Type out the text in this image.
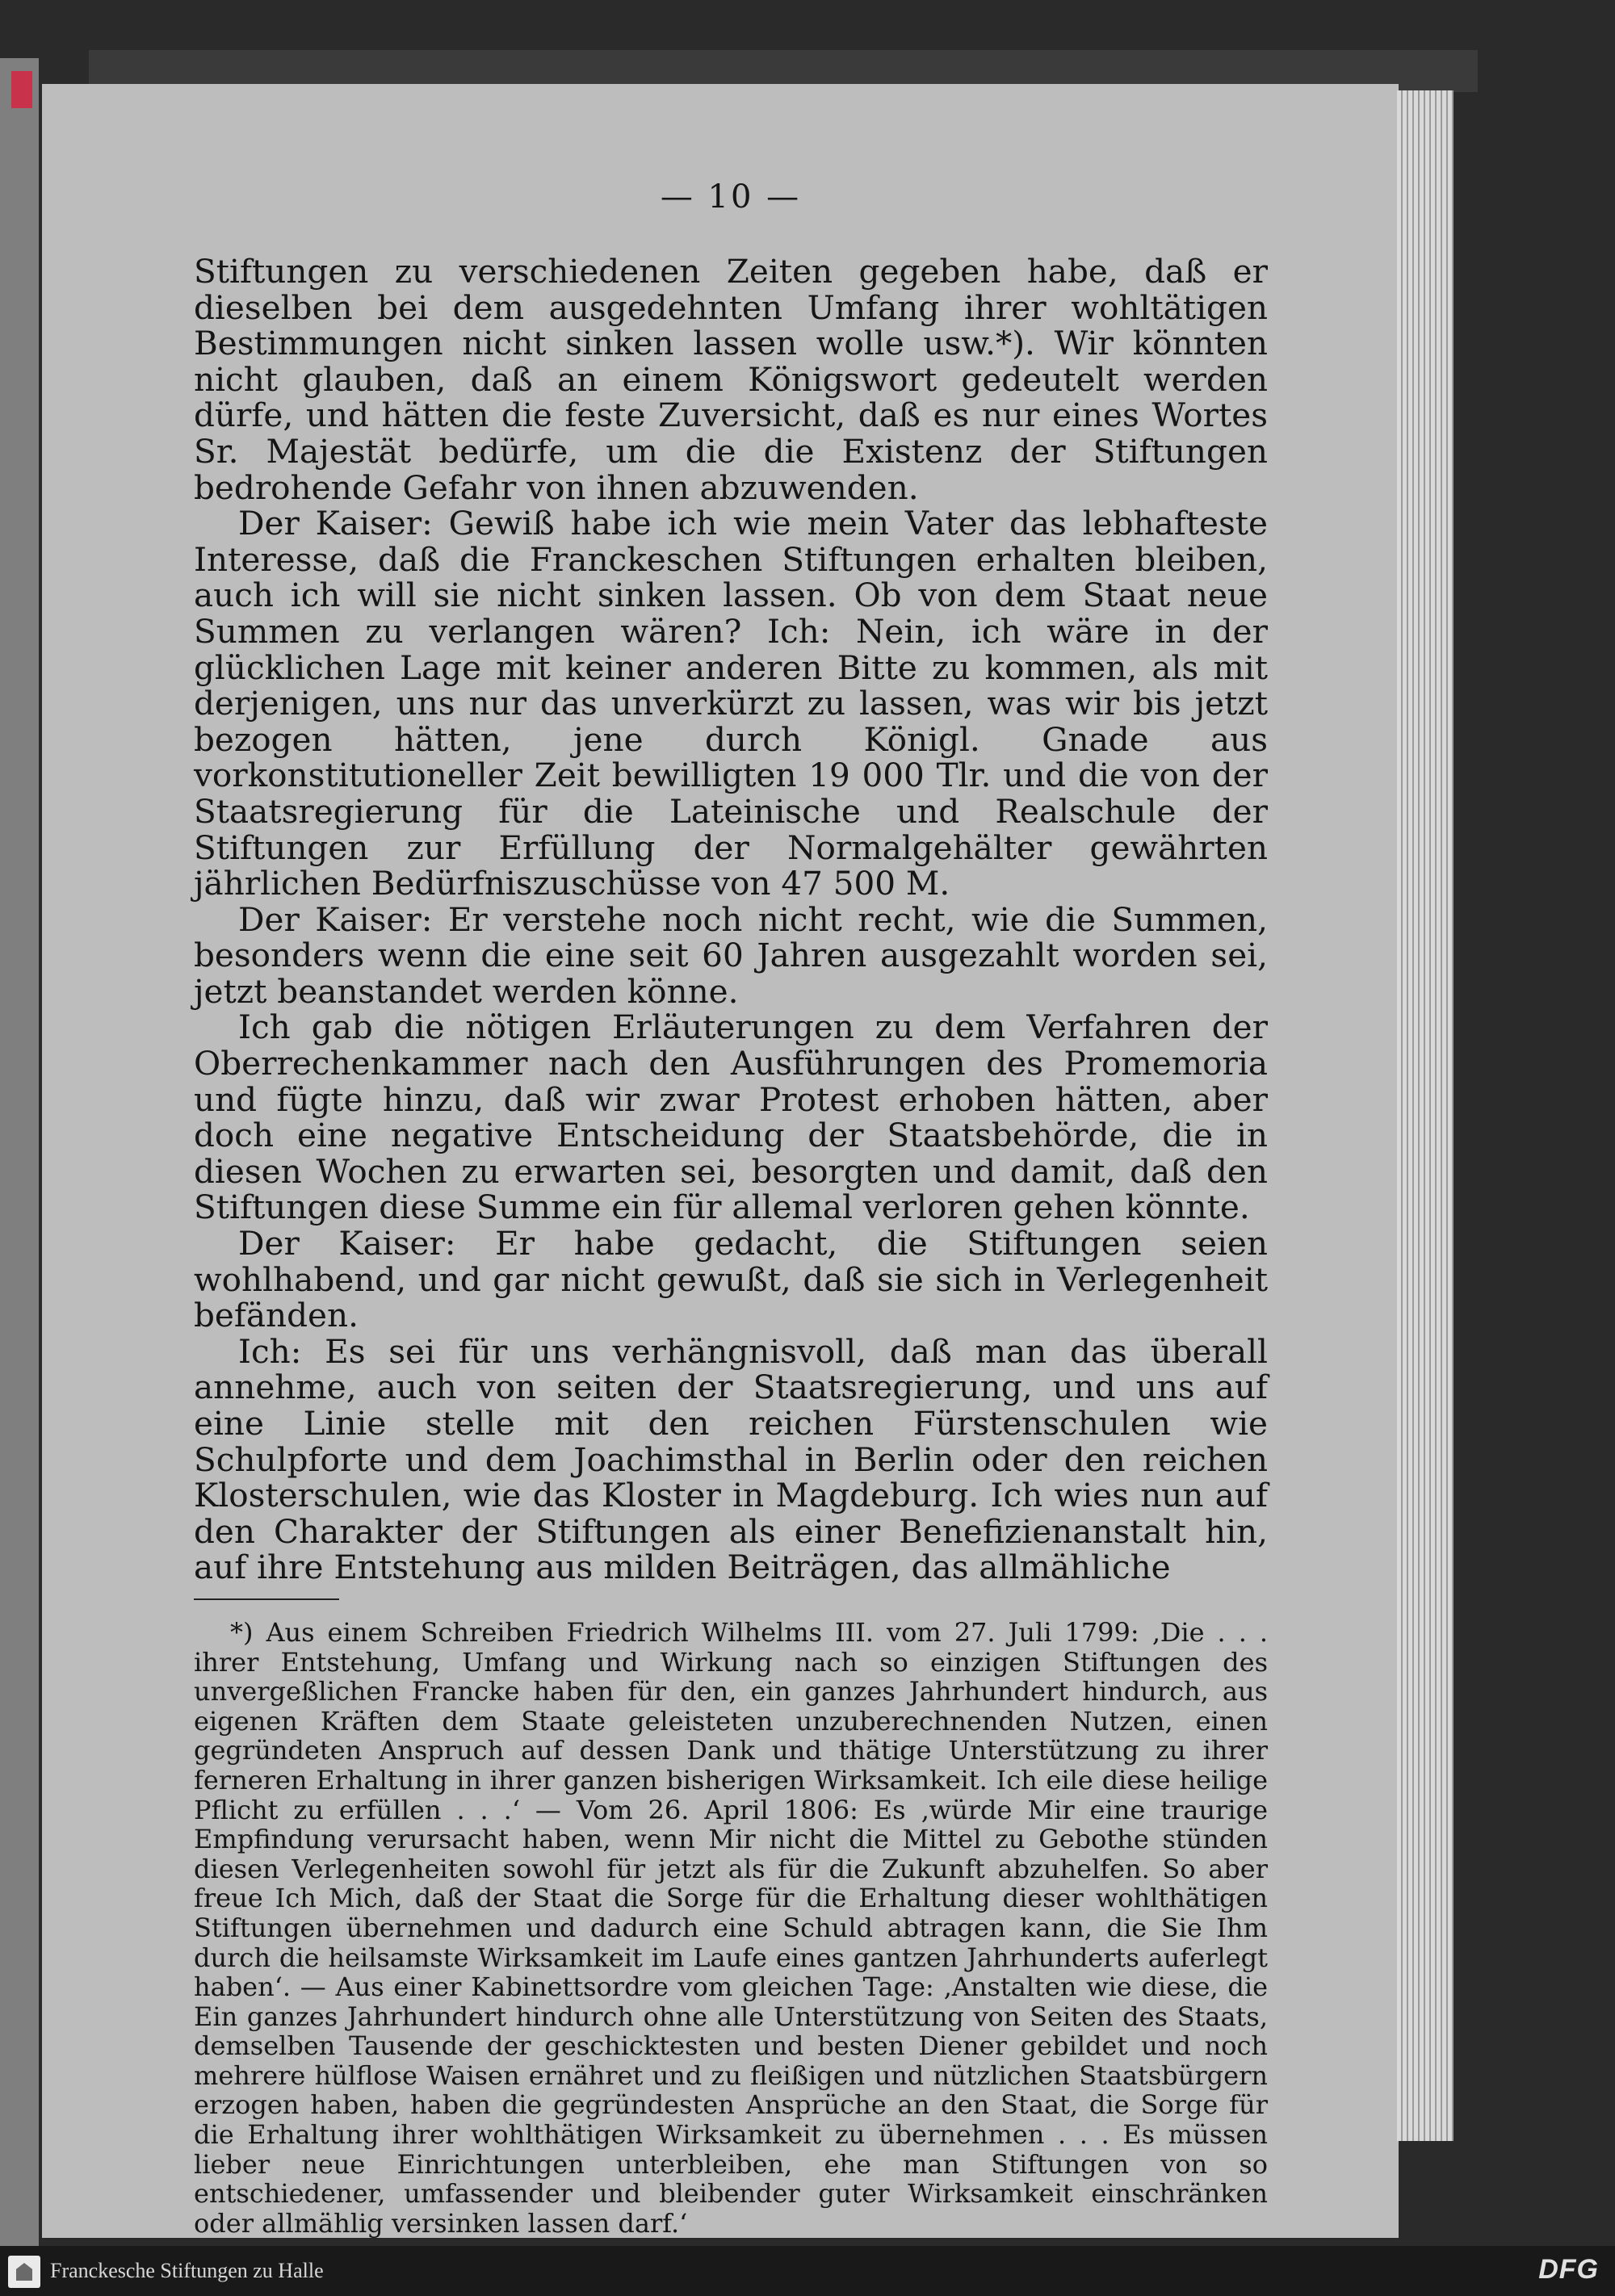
— 10 —

Stiftungen zu verschiedenen Zeiten gegeben habe, daß er dieselben bei dem ausgedehnten Umfang ihrer wohltätigen Bestimmungen nicht sinken lassen wolle usw.*). Wir könnten nicht glauben, daß an einem Königswort gedeutelt werden dürfe, und hätten die feste Zuversicht, daß es nur eines Wortes Sr. Majestät bedürfe, um die die Existenz der Stiftungen bedrohende Gefahr von ihnen abzuwenden.

Der Kaiser: Gewiß habe ich wie mein Vater das lebhafteste Interesse, daß die Franckeschen Stiftungen erhalten bleiben, auch ich will sie nicht sinken lassen. Ob von dem Staat neue Summen zu verlangen wären? Ich: Nein, ich wäre in der glücklichen Lage mit keiner anderen Bitte zu kommen, als mit derjenigen, uns nur das unverkürzt zu lassen, was wir bis jetzt bezogen hätten, jene durch Königl. Gnade aus vorkonstitutioneller Zeit bewilligten 19 000 Tlr. und die von der Staatsregierung für die Lateinische und Realschule der Stiftungen zur Erfüllung der Normalgehälter gewährten jährlichen Bedürfniszuschüsse von 47 500 M.

Der Kaiser: Er verstehe noch nicht recht, wie die Summen, besonders wenn die eine seit 60 Jahren ausgezahlt worden sei, jetzt beanstandet werden könne.

Ich gab die nötigen Erläuterungen zu dem Verfahren der Oberrechenkammer nach den Ausführungen des Promemoria und fügte hinzu, daß wir zwar Protest erhoben hätten, aber doch eine negative Entscheidung der Staatsbehörde, die in diesen Wochen zu erwarten sei, besorgten und damit, daß den Stiftungen diese Summe ein für allemal verloren gehen könnte.

Der Kaiser: Er habe gedacht, die Stiftungen seien wohlhabend, und gar nicht gewußt, daß sie sich in Verlegenheit befänden.

Ich: Es sei für uns verhängnisvoll, daß man das überall annehme, auch von seiten der Staatsregierung, und uns auf eine Linie stelle mit den reichen Fürstenschulen wie Schulpforte und dem Joachimsthal in Berlin oder den reichen Klosterschulen, wie das Kloster in Magdeburg. Ich wies nun auf den Charakter der Stiftungen als einer Benefizienanstalt hin, auf ihre Entstehung aus milden Beiträgen, das allmähliche

*) Aus einem Schreiben Friedrich Wilhelms III. vom 27. Juli 1799: ‚Die . . . ihrer Entstehung, Umfang und Wirkung nach so einzigen Stiftungen des unvergeßlichen Francke haben für den, ein ganzes Jahrhundert hindurch, aus eigenen Kräften dem Staate geleisteten unzuberechnenden Nutzen, einen gegründeten Anspruch auf dessen Dank und thätige Unterstützung zu ihrer ferneren Erhaltung in ihrer ganzen bisherigen Wirksamkeit. Ich eile diese heilige Pflicht zu erfüllen . . .‘ — Vom 26. April 1806: Es ‚würde Mir eine traurige Empfindung verursacht haben, wenn Mir nicht die Mittel zu Gebothe stünden diesen Verlegenheiten sowohl für jetzt als für die Zukunft abzuhelfen. So aber freue Ich Mich, daß der Staat die Sorge für die Erhaltung dieser wohlthätigen Stiftungen übernehmen und dadurch eine Schuld abtragen kann, die Sie Ihm durch die heilsamste Wirksamkeit im Laufe eines gantzen Jahrhunderts auferlegt haben‘. — Aus einer Kabinettsordre vom gleichen Tage: ‚Anstalten wie diese, die Ein ganzes Jahrhundert hindurch ohne alle Unterstützung von Seiten des Staats, demselben Tausende der geschicktesten und besten Diener gebildet und noch mehrere hülflose Waisen ernähret und zu fleißigen und nützlichen Staatsbürgern erzogen haben, haben die gegründesten Ansprüche an den Staat, die Sorge für die Erhaltung ihrer wohlthätigen Wirksamkeit zu übernehmen . . . Es müssen lieber neue Einrichtungen unterbleiben, ehe man Stiftungen von so entschiedener, umfassender und bleibender guter Wirksamkeit einschränken oder allmählig versinken lassen darf.‘

Franckesche Stiftungen zu Halle	DFG
